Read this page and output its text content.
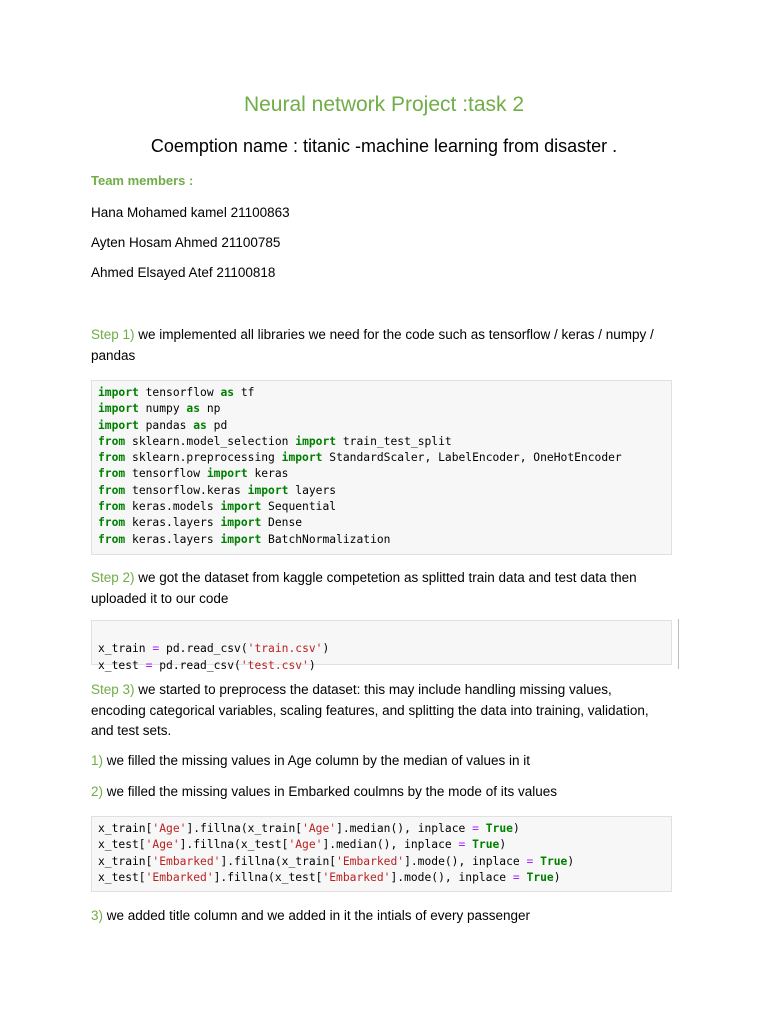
Neural network Project :task 2
Coemption name : titanic -machine learning from disaster .
Team members :
Hana Mohamed kamel 21100863
Ayten Hosam Ahmed 21100785
Ahmed Elsayed Atef 21100818
Step 1) we implemented all libraries we need for the code such as tensorflow / keras / numpy /
pandas
import tensorflow as tf
import numpy as np
import pandas as pd
from sklearn.model_selection import train_test_split
from sklearn.preprocessing import StandardScaler, LabelEncoder, OneHotEncoder
from tensorflow import keras
from tensorflow.keras import layers
from keras.models import Sequential
from keras.layers import Dense
from keras.layers import BatchNormalization
Step 2) we got the dataset from kaggle competetion as splitted train data and test data then
uploaded it to our code

x_train = pd.read_csv('train.csv')
x_test = pd.read_csv('test.csv')

Step 3) we started to preprocess the dataset: this may include handling missing values,
encoding categorical variables, scaling features, and splitting the data into training, validation,
and test sets.
1) we filled the missing values in Age column by the median of values in it
2) we filled the missing values in Embarked coulmns by the mode of its values
x_train['Age'].fillna(x_train['Age'].median(), inplace = True)
x_test['Age'].fillna(x_test['Age'].median(), inplace = True)
x_train['Embarked'].fillna(x_train['Embarked'].mode(), inplace = True)
x_test['Embarked'].fillna(x_test['Embarked'].mode(), inplace = True)
3) we added title column and we added in it the intials of every passenger
